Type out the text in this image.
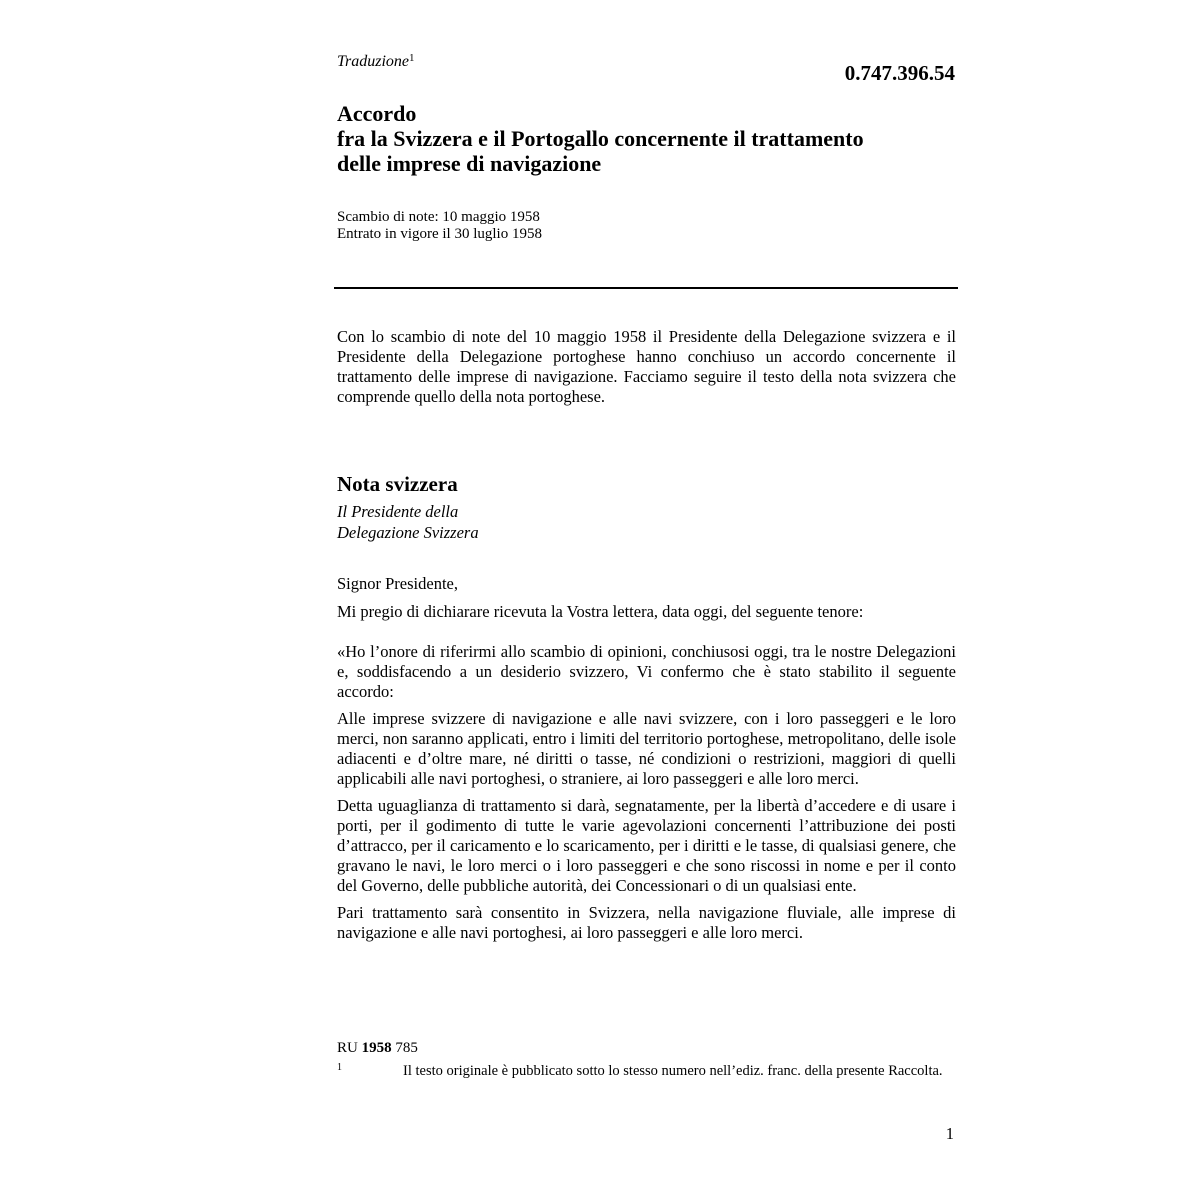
Traduzione$^1$
0.747.396.54
Accordo
fra la Svizzera e il Portogallo concernente il trattamento
delle imprese di navigazione
Scambio di note: 10 maggio 1958
Entrato in vigore il 30 luglio 1958

Con lo scambio di note del 10 maggio 1958 il Presidente della Delegazione svizzera e il Presidente della Delegazione portoghese hanno conchiuso un accordo concernente il trattamento delle imprese di navigazione. Facciamo seguire il testo della nota svizzera che comprende quello della nota portoghese.

Nota svizzera
Il Presidente della
Delegazione Svizzera
Signor Presidente,
Mi pregio di dichiarare ricevuta la Vostra lettera, data oggi, del seguente tenore:

«Ho l’onore di riferirmi allo scambio di opinioni, conchiusosi oggi, tra le nostre Delegazioni e, soddisfacendo a un desiderio svizzero, Vi confermo che è stato stabilito il seguente accordo:

Alle imprese svizzere di navigazione e alle navi svizzere, con i loro passeggeri e le loro merci, non saranno applicati, entro i limiti del territorio portoghese, metropolitano, delle isole adiacenti e d’oltre mare, né diritti o tasse, né condizioni o restrizioni, maggiori di quelli applicabili alle navi portoghesi, o straniere, ai loro passeggeri e alle loro merci.

Detta uguaglianza di trattamento si darà, segnatamente, per la libertà d’accedere e di usare i porti, per il godimento di tutte le varie agevolazioni concernenti l’attribuzione dei posti d’attracco, per il caricamento e lo scaricamento, per i diritti e le tasse, di qualsiasi genere, che gravano le navi, le loro merci o i loro passeggeri e che sono riscossi in nome e per il conto del Governo, delle pubbliche autorità, dei Concessionari o di un qualsiasi ente.

Pari trattamento sarà consentito in Svizzera, nella navigazione fluviale, alle imprese di navigazione e alle navi portoghesi, ai loro passeggeri e alle loro merci.

RU 1958 785
1	Il testo originale è pubblicato sotto lo stesso numero nell’ediz. franc. della presente Raccolta.
1
